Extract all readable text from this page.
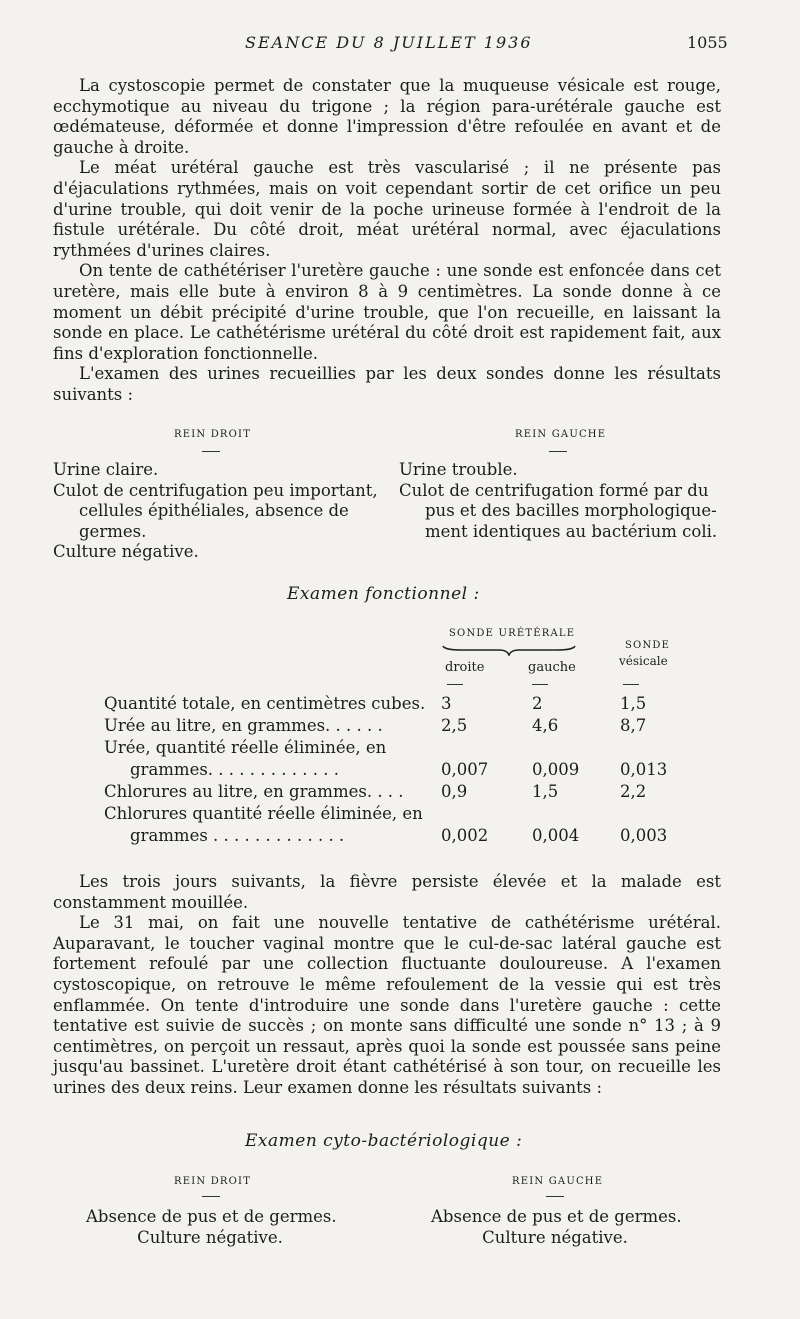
SEANCE DU 8 JUILLET 1936	1055

La cystoscopie permet de constater que la muqueuse vésicale est rouge, ecchymotique au niveau du trigone ; la région para-urétérale gauche est œdémateuse, déformée et donne l'impression d'être refoulée en avant et de gauche à droite.

Le méat urétéral gauche est très vascularisé ; il ne présente pas d'éjaculations rythmées, mais on voit cependant sortir de cet orifice un peu d'urine trouble, qui doit venir de la poche urineuse formée à l'endroit de la fistule urétérale. Du côté droit, méat urétéral normal, avec éjaculations rythmées d'urines claires.

On tente de cathétériser l'uretère gauche : une sonde est enfoncée dans cet uretère, mais elle bute à environ 8 à 9 centimètres. La sonde donne à ce moment un débit précipité d'urine trouble, que l'on recueille, en laissant la sonde en place. Le cathétérisme urétéral du côté droit est rapidement fait, aux fins d'exploration fonctionnelle.

L'examen des urines recueillies par les deux sondes donne les résultats suivants :

REIN DROIT	REIN GAUCHE
Urine claire.
Culot de centrifugation peu important,
cellules épithéliales, absence de
germes.
Culture négative.
Urine trouble.
Culot de centrifugation formé par du
pus et des bacilles morphologique-
ment identiques au bactérium coli.
Examen fonctionnel :
SONDE URÉTÉRALE
droite	gauche
SONDE
vésicale
Quantité totale, en centimètres cubes. 3	2	1,5
Urée au litre, en grammes. . . . . .	2,5	4,6	8,7
Urée, quantité réelle éliminée, en
grammes. . . . . . . . . . . . .	0,007	0,009 0,013
Chlorures au litre, en grammes. . . . 0,9	1,5	2,2
Chlorures quantité réelle éliminée, en
grammes . . . . . . . . . . . . .	0,002	0,004 0,003

Les trois jours suivants, la fièvre persiste élevée et la malade est constamment mouillée.

Le 31 mai, on fait une nouvelle tentative de cathétérisme urétéral. Auparavant, le toucher vaginal montre que le cul-de-sac latéral gauche est fortement refoulé par une collection fluctuante douloureuse. A l'examen cystoscopique, on retrouve le même refoulement de la vessie qui est très enflammée. On tente d'introduire une sonde dans l'uretère gauche : cette tentative est suivie de succès ; on monte sans difficulté une sonde n° 13 ; à 9 centimètres, on perçoit un ressaut, après quoi la sonde est poussée sans peine jusqu'au bassinet. L'uretère droit étant cathétérisé à son tour, on recueille les urines des deux reins. Leur examen donne les résultats suivants :

Examen cyto-bactériologique :
REIN DROIT	REIN GAUCHE
Absence de pus et de germes.
Culture négative.
Absence de pus et de germes.
Culture négative.
